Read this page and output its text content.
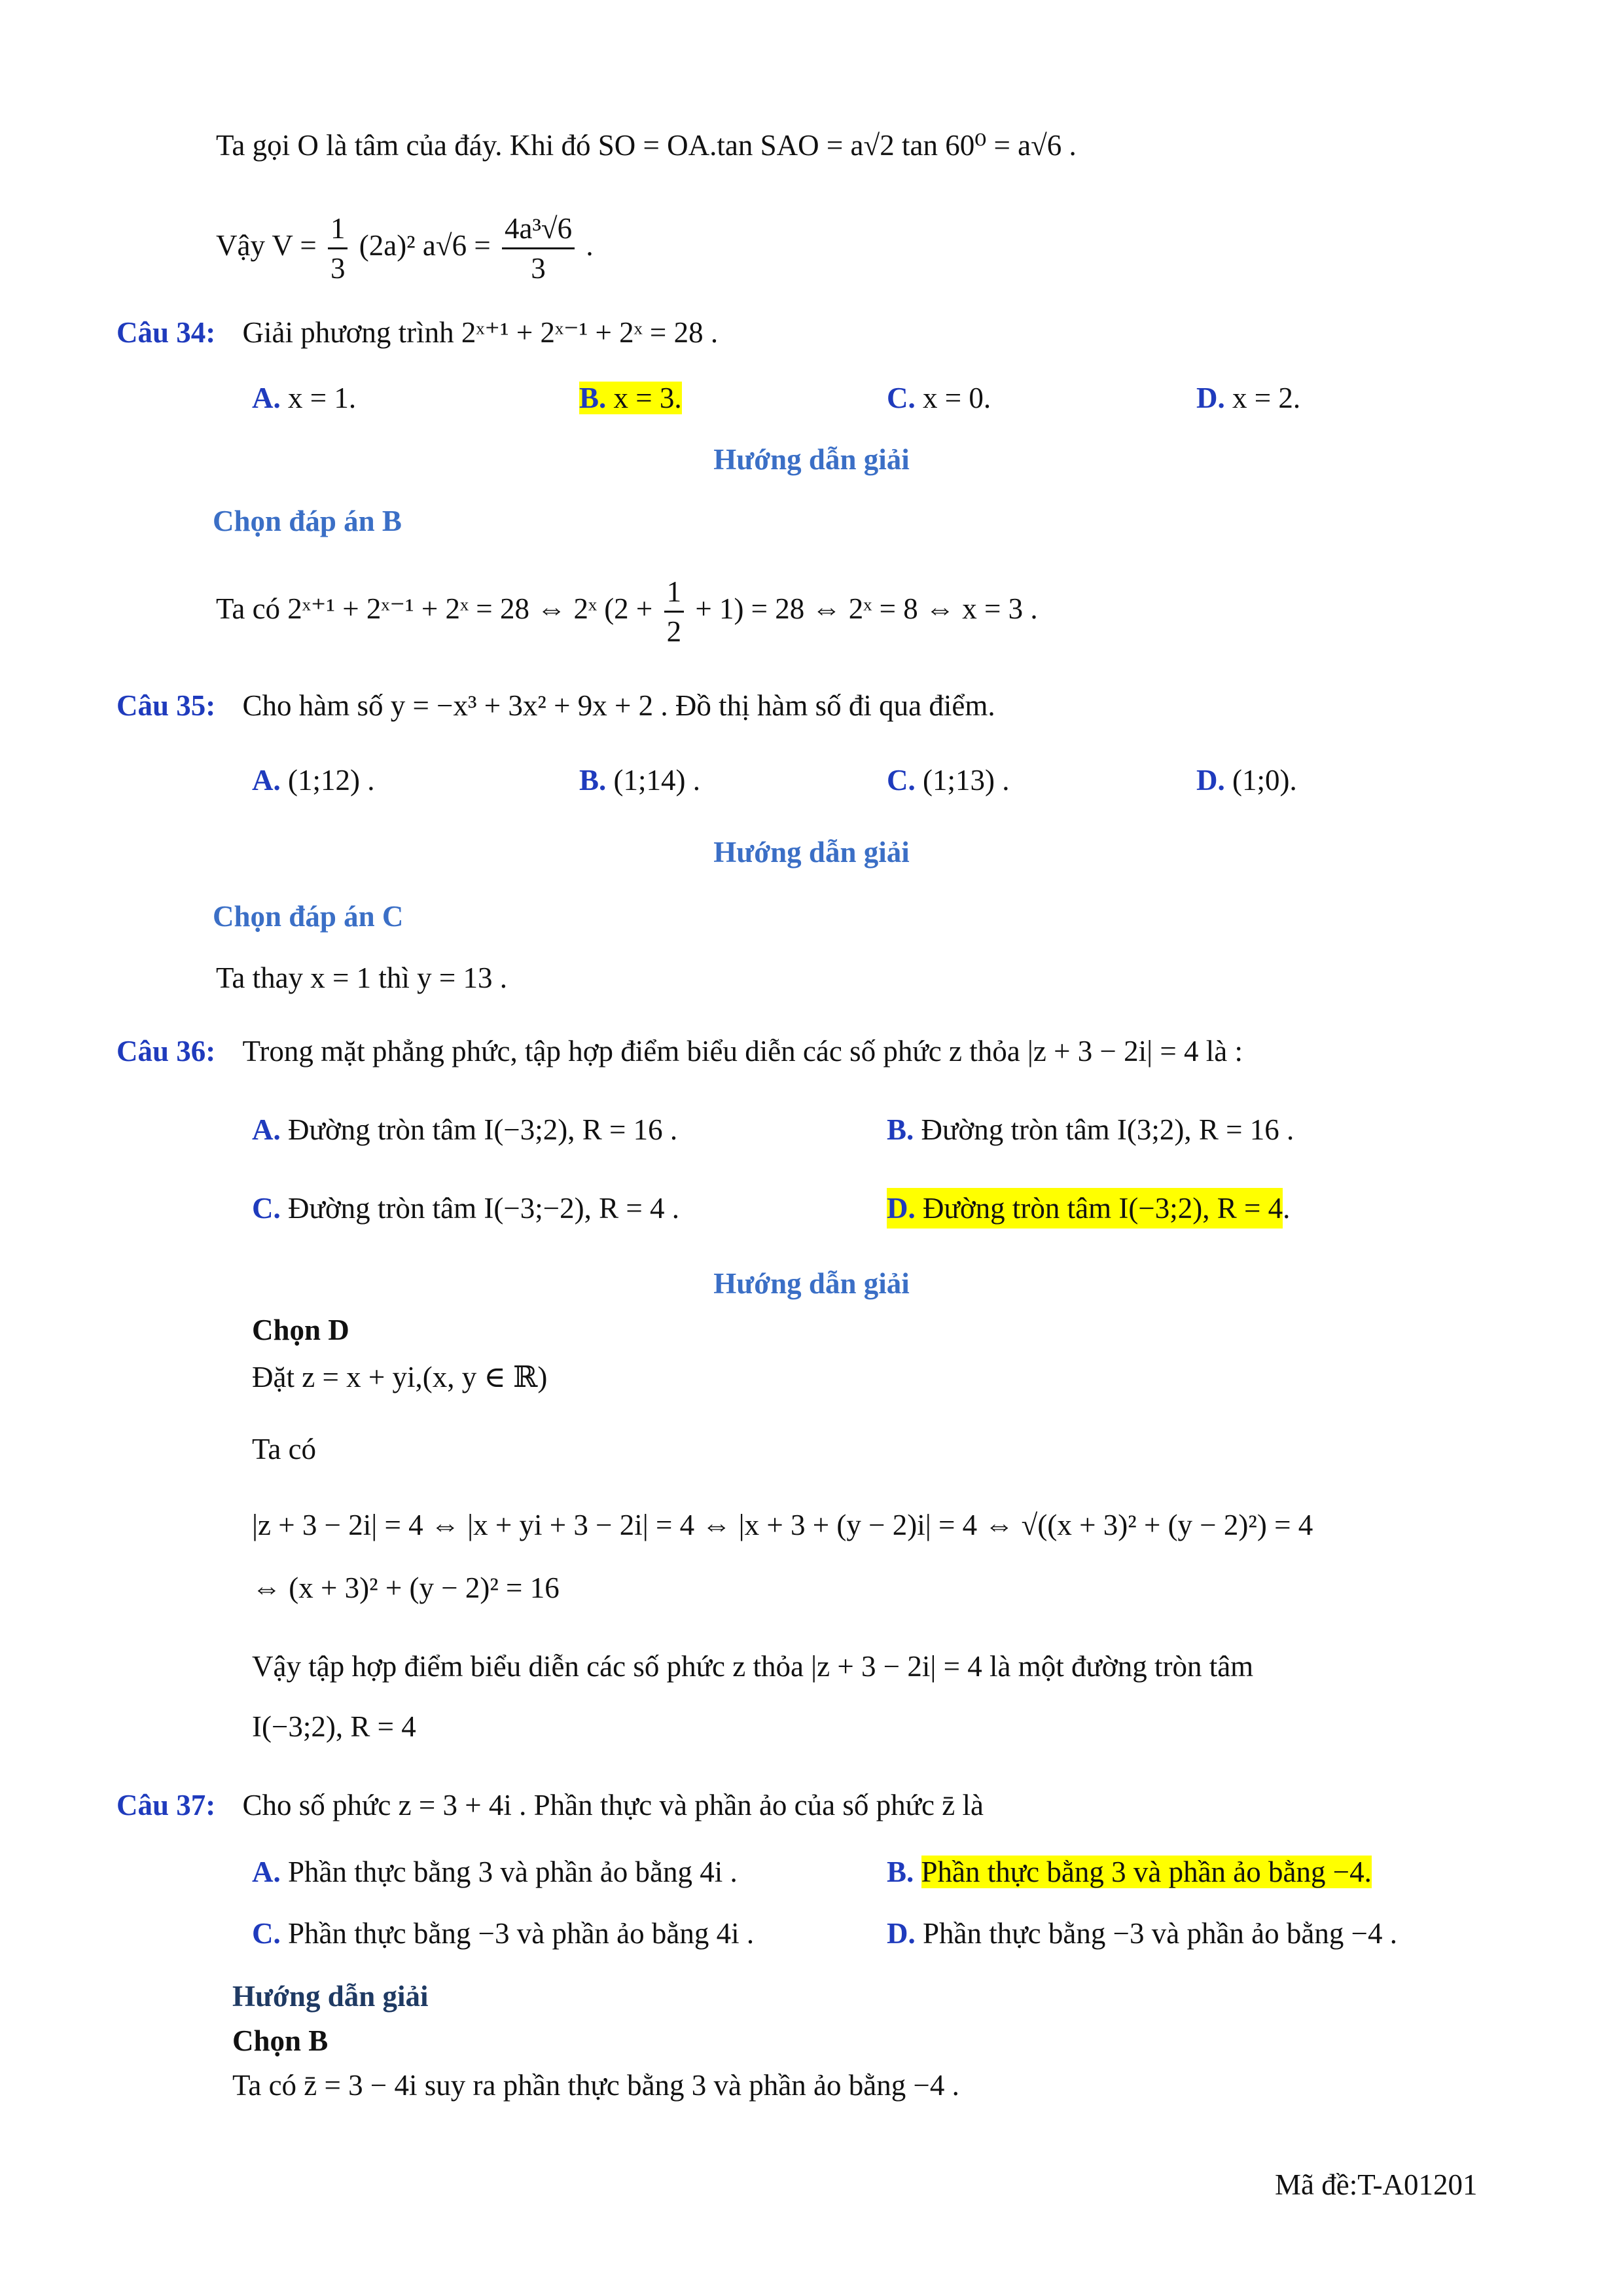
Ta gọi O là tâm của đáy. Khi đó SO = OA.tan SAO = a√2 tan 60⁰ = a√6 .
Vậy $V = \frac{1}{3} (2a)^2$ $a√6 = \frac{\text{4a³√6}}{3}$ .
Câu 34: Giải phương trình 2ˣ⁺¹ + 2ˣ⁻¹ + 2ˣ = 28 .
A. x = 1.	B. x = 3.	C. x = 0.	D. x = 2.
Hướng dẫn giải
Chọn đáp án B
Ta có 2ˣ⁺¹ + 2ˣ⁻¹ + 2ˣ = 28 ⇔ 2ˣ $(2 + \frac{1}{2} + 1) = 28$ ⇔ 2ˣ = 8 ⇔ x = 3 .
Câu 35: Cho hàm số y = −x³ + 3x² + 9x + 2 . Đồ thị hàm số đi qua điểm.
A. (1;12) .	B. (1;14) .	C. (1;13) .	D. (1;0).
Hướng dẫn giải
Chọn đáp án C
Ta thay x = 1 thì y = 13 .
Câu 36: Trong mặt phẳng phức, tập hợp điểm biểu diễn các số phức z thỏa |z + 3 − 2i| = 4 là :
A. Đường tròn tâm I(−3;2), R = 16 .	B. Đường tròn tâm I(3;2), R = 16 .
C. Đường tròn tâm I(−3;−2), R = 4 .	D. Đường tròn tâm I(−3;2), R = 4.
Hướng dẫn giải
Chọn D
Đặt z = x + yi,(x, y ∈ ℝ)
Ta có
|z + 3 − 2i| = 4 ⇔ |x + yi + 3 − 2i| = 4 ⇔ |x + 3 + (y − 2)i| = 4 ⇔ √((x + 3)² + (y − 2)²) = 4
⇔ (x + 3)² + (y − 2)² = 16
Vậy tập hợp điểm biểu diễn các số phức z thỏa |z + 3 − 2i| = 4 là một đường tròn tâm
I(−3;2), R = 4
Câu 37: Cho số phức z = 3 + 4i . Phần thực và phần ảo của số phức z̄ là
A. Phần thực bằng 3 và phần ảo bằng 4i .	B. Phần thực bằng 3 và phần ảo bằng −4.
C. Phần thực bằng −3 và phần ảo bằng 4i .	D. Phần thực bằng −3 và phần ảo bằng −4 .
Hướng dẫn giải
Chọn B
Ta có z̄ = 3 − 4i suy ra phần thực bằng 3 và phần ảo bằng −4 .
Mã đề:T-A01201
